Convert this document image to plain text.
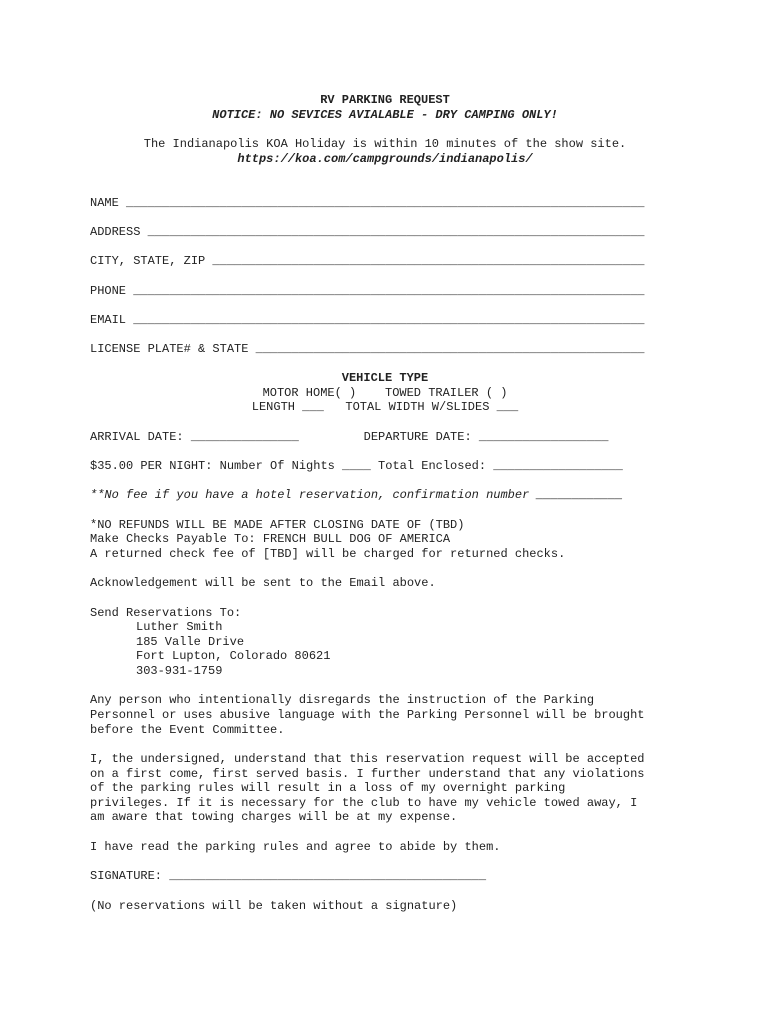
RV PARKING REQUEST

NOTICE: NO SEVICES AVIALABLE - DRY CAMPING ONLY!

The Indianapolis KOA Holiday is within 10 minutes of the show site.

https://koa.com/campgrounds/indianapolis/

NAME ________________________________________________________________________

ADDRESS _____________________________________________________________________

CITY, STATE, ZIP ____________________________________________________________

PHONE _______________________________________________________________________

EMAIL _______________________________________________________________________

LICENSE PLATE# & STATE ______________________________________________________

VEHICLE TYPE

MOTOR HOME( )    TOWED TRAILER ( )

LENGTH ___   TOTAL WIDTH W/SLIDES ___

ARRIVAL DATE: _______________         DEPARTURE DATE: __________________

$35.00 PER NIGHT: Number Of Nights ____ Total Enclosed: __________________

**No fee if you have a hotel reservation, confirmation number ____________

*NO REFUNDS WILL BE MADE AFTER CLOSING DATE OF (TBD)

Make Checks Payable To: FRENCH BULL DOG OF AMERICA

A returned check fee of [TBD] will be charged for returned checks.

Acknowledgement will be sent to the Email above.

Send Reservations To:

Luther Smith

185 Valle Drive

Fort Lupton, Colorado 80621

303-931-1759

Any person who intentionally disregards the instruction of the Parking

Personnel or uses abusive language with the Parking Personnel will be brought

before the Event Committee.

I, the undersigned, understand that this reservation request will be accepted

on a first come, first served basis. I further understand that any violations

of the parking rules will result in a loss of my overnight parking

privileges. If it is necessary for the club to have my vehicle towed away, I

am aware that towing charges will be at my expense.

I have read the parking rules and agree to abide by them.

SIGNATURE: ____________________________________________

(No reservations will be taken without a signature)
